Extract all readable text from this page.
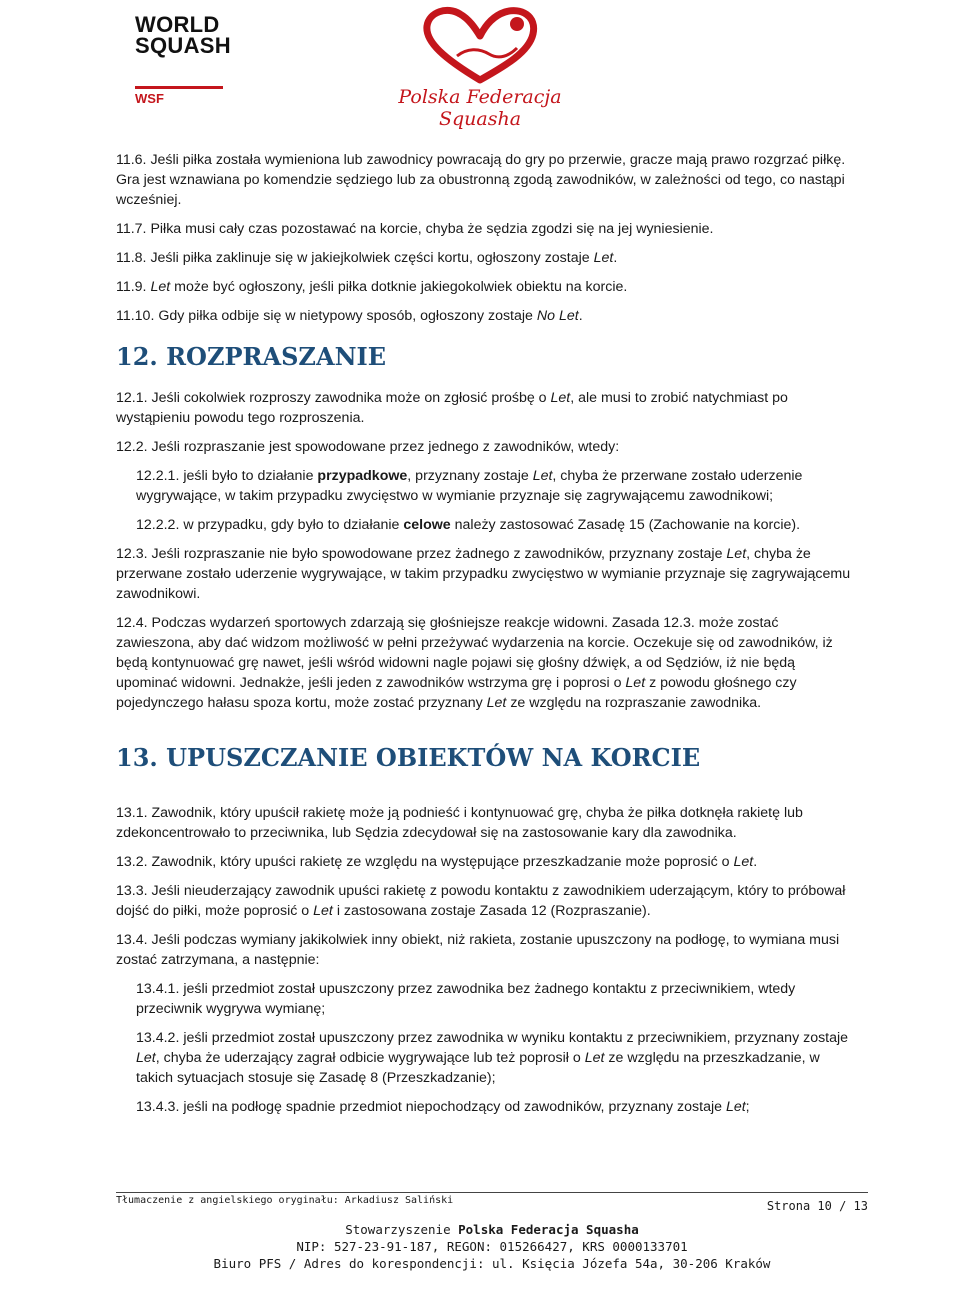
WORLD
SQUASH
WSF	Polska Federacja Squasha

11.6. Jeśli piłka została wymieniona lub zawodnicy powracają do gry po przerwie, gracze mają prawo rozgrzać piłkę. Gra jest wznawiana po komendzie sędziego lub za obustronną zgodą zawodników, w zależności od tego, co nastąpi wcześniej.

11.7. Piłka musi cały czas pozostawać na korcie, chyba że sędzia zgodzi się na jej wyniesienie.

11.8. Jeśli piłka zaklinuje się w jakiejkolwiek części kortu, ogłoszony zostaje Let.

11.9. Let może być ogłoszony, jeśli piłka dotknie jakiegokolwiek obiektu na korcie.

11.10. Gdy piłka odbije się w nietypowy sposób, ogłoszony zostaje No Let.

12. ROZPRASZANIE

12.1. Jeśli cokolwiek rozproszy zawodnika może on zgłosić prośbę o Let, ale musi to zrobić natychmiast po wystąpieniu powodu tego rozproszenia.

12.2. Jeśli rozpraszanie jest spowodowane przez jednego z zawodników, wtedy:

12.2.1. jeśli było to działanie przypadkowe, przyznany zostaje Let, chyba że przerwane zostało uderzenie wygrywające, w takim przypadku zwycięstwo w wymianie przyznaje się zagrywającemu zawodnikowi;

12.2.2. w przypadku, gdy było to działanie celowe należy zastosować Zasadę 15 (Zachowanie na korcie).

12.3. Jeśli rozpraszanie nie było spowodowane przez żadnego z zawodników, przyznany zostaje Let, chyba że przerwane zostało uderzenie wygrywające, w takim przypadku zwycięstwo w wymianie przyznaje się zagrywającemu zawodnikowi.

12.4. Podczas wydarzeń sportowych zdarzają się głośniejsze reakcje widowni. Zasada 12.3. może zostać zawieszona, aby dać widzom możliwość w pełni przeżywać wydarzenia na korcie. Oczekuje się od zawodników, iż będą kontynuować grę nawet, jeśli wśród widowni nagle pojawi się głośny dźwięk, a od Sędziów, iż nie będą upominać widowni. Jednakże, jeśli jeden z zawodników wstrzyma grę i poprosi o Let z powodu głośnego czy pojedynczego hałasu spoza kortu, może zostać przyznany Let ze względu na rozpraszanie zawodnika.

13. UPUSZCZANIE OBIEKTÓW NA KORCIE

13.1. Zawodnik, który upuścił rakietę może ją podnieść i kontynuować grę, chyba że piłka dotknęła rakietę lub zdekoncentrowało to przeciwnika, lub Sędzia zdecydował się na zastosowanie kary dla zawodnika.

13.2. Zawodnik, który upuści rakietę ze względu na występujące przeszkadzanie może poprosić o Let.

13.3. Jeśli nieuderzający zawodnik upuści rakietę z powodu kontaktu z zawodnikiem uderzającym, który to próbował dojść do piłki, może poprosić o Let i zastosowana zostaje Zasada 12 (Rozpraszanie).

13.4. Jeśli podczas wymiany jakikolwiek inny obiekt, niż rakieta, zostanie upuszczony na podłogę, to wymiana musi zostać zatrzymana, a następnie:

13.4.1. jeśli przedmiot został upuszczony przez zawodnika bez żadnego kontaktu z przeciwnikiem, wtedy przeciwnik wygrywa wymianę;

13.4.2. jeśli przedmiot został upuszczony przez zawodnika w wyniku kontaktu z przeciwnikiem, przyznany zostaje Let, chyba że uderzający zagrał odbicie wygrywające lub też poprosił o Let ze względu na przeszkadzanie, w takich sytuacjach stosuje się Zasadę 8 (Przeszkadzanie);

13.4.3. jeśli na podłogę spadnie przedmiot niepochodzący od zawodników, przyznany zostaje Let;

Tłumaczenie z angielskiego oryginału: Arkadiusz Saliński	Strona 10 / 13
Stowarzyszenie Polska Federacja Squasha
NIP: 527-23-91-187, REGON: 015266427, KRS 0000133701
Biuro PFS / Adres do korespondencji: ul. Księcia Józefa 54a, 30-206 Kraków
